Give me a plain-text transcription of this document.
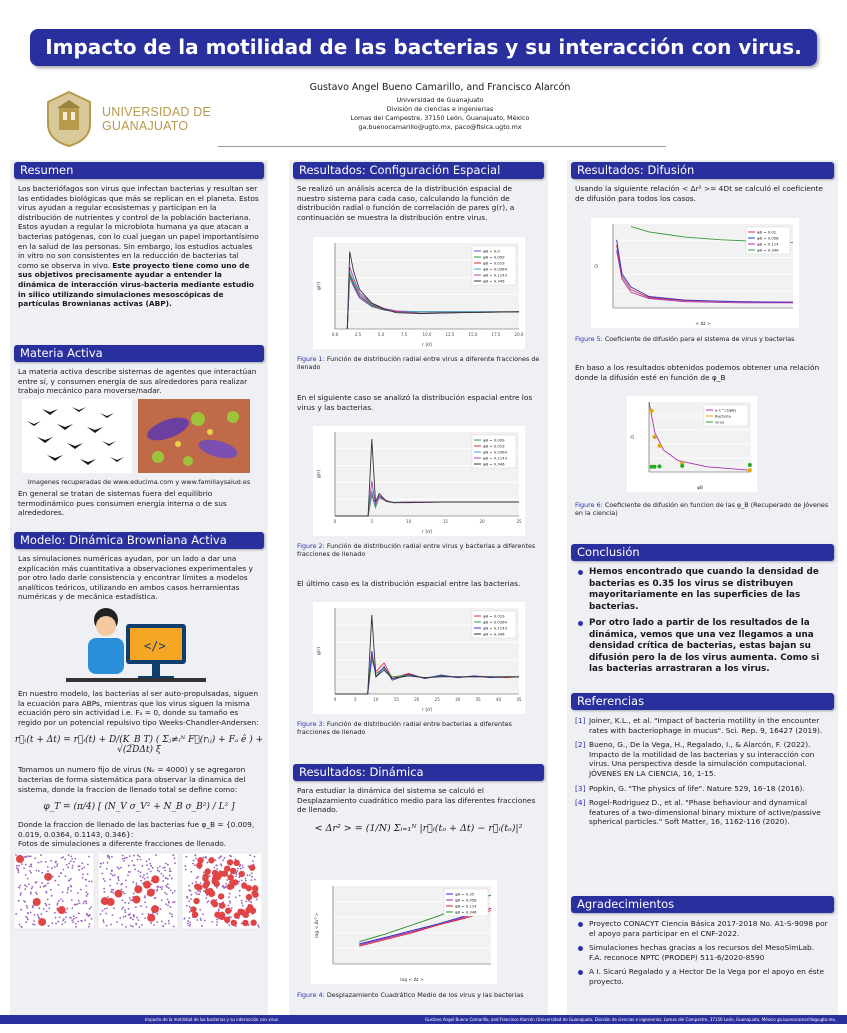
Impacto de la motilidad de las bacterias y su interacción con virus.
UNIVERSIDAD DE
GUANAJUATO
Gustavo Angel Bueno Camarillo, and Francisco Alarcón
Universidad de Guanajuato
División de ciencias e ingenierias
Lomas del Campestre, 37150 León, Guanajuato, México
ga.buenocamarillo@ugto.mx, paco@fisica.ugto.mx
Resumen
Los bacteriófagos son virus que infectan bacterias y resultan ser las entidades biológicas que más se replican en el planeta. Estos virus ayudan a regular ecosistemas y participan en la distribución de nutrientes y control de la población bacteriana. Estos ayudan a regular la microbiota humana ya que atacan a bacterias patógenas, con lo cual juegan un papel importantísimo en la salud de las personas. Sin embargo, los estudios actuales in vitro no son consistentes en la reducción de bacterias tal como se observa in vivo. Este proyecto tiene como uno de sus objetivos precisamente ayudar a entender la dinámica de interacción virus-bacteria mediante estudio in silico utilizando simulaciones mesoscópicas de partículas Brownianas activas (ABP).
Materia Activa
La materia activa describe sistemas de agentes que interactúan entre sí, y consumen energía de sus alrededores para realizar trabajo mecánico para moverse/nadar.
Imagenes recuperadas de www.educima.com y www.familiaysalud.es
En general se tratan de sistemas fuera del equilibrio termodinámico pues consumen energía interna o de sus alrededores.
Modelo: Dinámica Browniana Activa
Las simulaciones numéricas ayudan, por un lado a dar una explicación más cuantitativa a observaciones experimentales y por otro lado darle consistencia y encontrar límites a modelos analíticos teóricos, utilizando en ambos casos herramientas numéricas y de mecánica estadística.
</>
En nuestro modelo, las bacterias al ser auto-propulsadas, siguen la ecuación para ABPs, mientras que los virus siguen la misma ecuación pero sin actividad i.e. Fₐ = 0, donde su tamaño es regido por un potencial repulsivo tipo Weeks-Chandler-Andersen:
r⃗ᵢ(t + Δt) = r⃗ᵢ(t) + D/(K_B T) ( Σⱼ≠ᵢᴺ F⃗(rᵢⱼ) + Fₐ ê ) + √(2DΔt) ξ
Tomamos un numero fijo de virus (Nᵥ = 4000) y se agregaron bacterias de forma sistemática para observar la dinamica del sistema, donde la fraccion de llenado total se define como:
φ_T = (π/4) [ (N_V σ_V² + N_B σ_B²) / L² ]
Donde la fraccion de llenado de las bacterias fue φ_B = {0.009, 0.019, 0.0364, 0.1143, 0.346}:
Fotos de simulaciones a diferente fracciones de llenado.
Resultados: Configuración Espacial
Se realizó un análisis acerca de la distribución espacial de nuestro sistema para cada caso, calculando la función de distribución radial o función de correlación de pares g(r), a continuación se muestra la distribución entre virus.
0.0	2.5	5.0	7.5	10.0	12.5	15.0	17.5	20.0
r [σ]
g(r)
φB = 0.0
φB = 0.009
φB = 0.019
φB = 0.0364
φB = 0.1143
φB = 0.346
Figure 1: Función de distribución radial entre virus a diferente fracciones de llenado
En el siguiente caso se analizó la distribución espacial entre los virus y las bacterias.
0	5	10	15	20	25
r [σ]
g(r)
φB = 0.009
φB = 0.019
φB = 0.0364
φB = 0.1143
φB = 0.346
Figure 2: Función de distribución radial entre virus y bacterias a diferentes fracciones de llenado
El último caso es la distribución espacial entre las bacterias.
0	5	10	15	20	25	30	35	40	45
r [σ]
g(r)
φB = 0.019
φB = 0.0364
φB = 0.1143
φB = 0.346
Figure 3: Función de distribución radial entre bacterias a diferentes fracciones de llenado
Resultados: Dinámica
Para estudiar la dinámica del sistema se calculó el Desplazamiento cuadrático medio para las diferentes fracciones de llenado.
< Δr² > = (1/N) Σᵢ₌₁ᴺ |r⃗ᵢ(tₒ + Δt) − r⃗ᵢ(tₒ)|²
log < Δt >
log < Δr² >
φB = 0.35
φB = 0.058
φB = 0.114
φB = 0.346
Figure 4: Desplazamiento Cuadrático Medio de los virus y las bacterias
Resultados: Difusión
Usando la siguiente relación < Δr² >= 4Dt se calculó el coeficiente de difusión para todos los casos.
< Δt >
D
φB = 0.02
φB = 0.058
φB = 0.114
φB = 0.346
Figure 5: Coeficiente de difusión para el sistema de virus y bacterias
En baso a los resultados obtenidos podemos obtener una relación donde la difusión esté en función de φ_B
φB
D
a·C^(1/φB)
Bacteria
virus
Figure 6: Coeficiente de difusión en funcion de las φ_B (Recuperado de Jóvenes en la ciencia)
Conclusión
Hemos encontrado que cuando la densidad de bacterias es 0.35 los virus se distribuyen mayoritariamente en las superficies de las bacterias.
Por otro lado a partir de los resultados de la dinámica, vemos que una vez llegamos a una densidad crítica de bacterias, estas bajan su difusión pero la de los virus aumenta. Como si las bacterias arrastraran a los virus.
Referencias
[1] Joiner, K.L., et al. "Impact of bacteria motility in the encounter rates with bacteriophage in mucus". Sci. Rep. 9, 16427 (2019).
[2] Bueno, G., De la Vega, H., Regalado, I., & Alarcón, F. (2022). Impacto de la motilidad de las bacterias y su interacción con virus. Una perspectiva desde la simulación computacional. JÓVENES EN LA CIENCIA, 16, 1-15.
[3] Popkin, G. "The physics of life". Nature 529, 16–18 (2016).
[4] Rogel-Rodriguez D., et al. "Phase behaviour and dynamical features of a two-dimensional binary mixture of active/passive spherical particles." Soft Matter, 16, 1162-116 (2020).
Agradecimientos
Proyecto CONACYT Ciencia Básica 2017-2018 No. A1-S-9098 por el apoyo para participar en el CNF-2022.
Simulaciones hechas gracias a los recursos del MesoSimLab. F.A. reconoce NPTC (PRODEP) 511-6/2020-8590
A I. Sicarú Regalado y a Hector De la Vega por el apoyo en éste proyecto.
Impacto de la motilidad de las bacterias y su interacción con virus.	Gustavo Angel Bueno Camarillo, and Francisco Alarcón (Universidad de Guanajuato, División de ciencias e ingenierias, Lomas del Campestre, 37150 León, Guanajuato, México ga.buenocamarillo@ugto.mx, paco@fisica.ugto.mx)
